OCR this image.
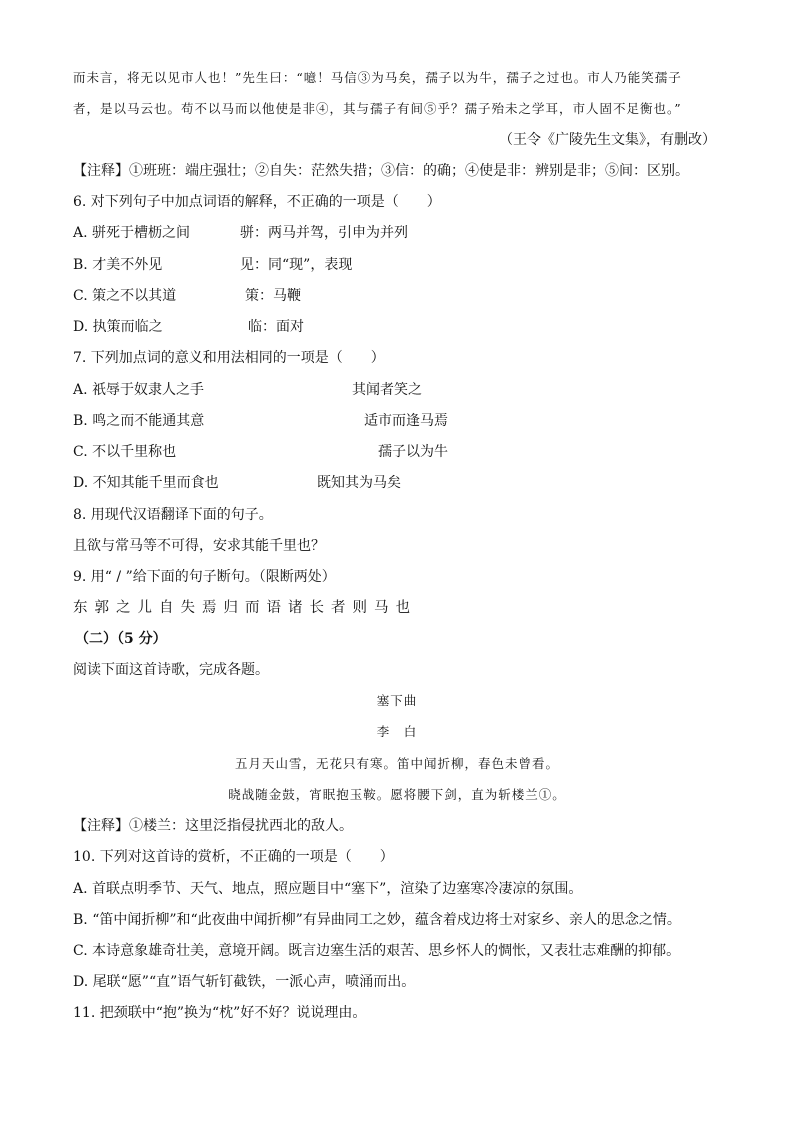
而未言，将无以见市人也！”先生曰：“噫！马信③为马矣，孺子以为牛，孺子之过也。市人乃能笑孺子
者，是以马云也。苟不以马而以他使是非④，其与孺子有间⑤乎？孺子殆未之学耳，市人固不足衡也。”
（王令《广陵先生文集》，有删改）
【注释】①班班：端庄强壮；②自失：茫然失措；③信：的确；④使是非：辨别是非；⑤间：区别。
6. 对下列句子中加点词语的解释，不正确的一项是（　　）
A. 骈死于槽枥之间	骈：两马并驾，引申为并列
B. 才美不外见	见：同“现”，表现
C. 策之不以其道	策：马鞭
D. 执策而临之	临：面对
7. 下列加点词的意义和用法相同的一项是（　　）
A. 祇辱于奴隶人之手	其闻者笑之
B. 鸣之而不能通其意	适市而逢马焉
C. 不以千里称也	孺子以为牛
D. 不知其能千里而食也	既知其为马矣
8. 用现代汉语翻译下面的句子。
且欲与常马等不可得，安求其能千里也？
9. 用“ / ”给下面的句子断句。（限断两处）
东郭之儿自失焉归而语诸长者则马也
（二）（5 分）
阅读下面这首诗歌，完成各题。
塞下曲
李　白
五月天山雪，无花只有寒。笛中闻折柳，春色未曾看。
晓战随金鼓，宵眠抱玉鞍。愿将腰下剑，直为斩楼兰①。
【注释】①楼兰：这里泛指侵扰西北的敌人。
10. 下列对这首诗的赏析，不正确的一项是（　　）
A. 首联点明季节、天气、地点，照应题目中“塞下”，渲染了边塞寒冷凄凉的氛围。
B. “笛中闻折柳”和“此夜曲中闻折柳”有异曲同工之妙，蕴含着戍边将士对家乡、亲人的思念之情。
C. 本诗意象雄奇壮美，意境开阔。既言边塞生活的艰苦、思乡怀人的惆怅，又表壮志难酬的抑郁。
D. 尾联“愿”“直”语气斩钉截铁，一派心声，喷涌而出。
11. 把颈联中“抱”换为“枕”好不好？说说理由。
